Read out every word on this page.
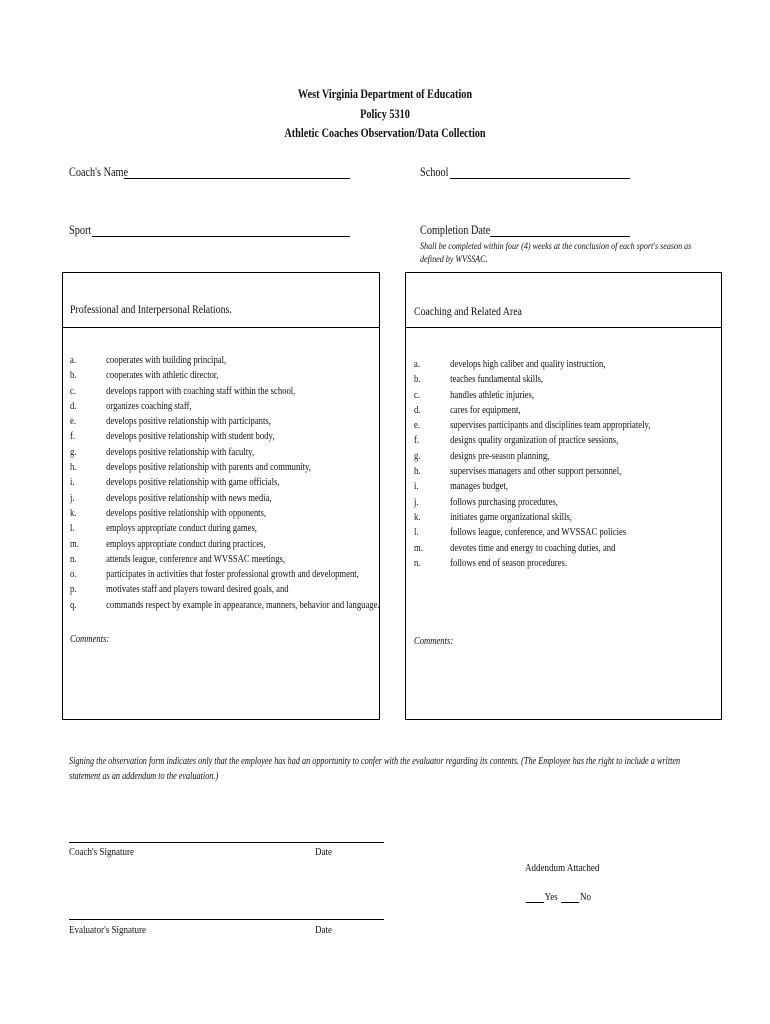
West Virginia Department of Education
Policy 5310
Athletic Coaches Observation/Data Collection
Coach's Name	School
Sport	Completion Date
Shall be completed within four (4) weeks at the conclusion of each sport's season as defined by WVSSAC.
Professional and Interpersonal Relations.
a.	cooperates with building principal,
b.	cooperates with athletic director,
c.	develops rapport with coaching staff within the school,
d.	organizes coaching staff,
e.	develops positive relationship with participants,
f.	develops positive relationship with student body,
g.	develops positive relationship with faculty,
h.	develops positive relationship with parents and community,
i.	develops positive relationship with game officials,
j.	develops positive relationship with news media,
k.	develops positive relationship with opponents,
l.	employs appropriate conduct during games,
m.	employs appropriate conduct during practices,
n.	attends league, conference and WVSSAC meetings,
o.	participates in activities that foster professional growth and development,
p.	motivates staff and players toward desired goals, and
q.	commands respect by example in appearance, manners, behavior and language.
Comments:
Coaching and Related Area
a.	develops high caliber and quality instruction,
b.	teaches fundamental skills,
c.	handles athletic injuries,
d.	cares for equipment,
e.	supervises participants and disciplines team appropriately,
f.	designs quality organization of practice sessions,
g.	designs pre-season planning,
h.	supervises managers and other support personnel,
i.	manages budget,
j.	follows purchasing procedures,
k.	initiates game organizational skills,
l.	follows league, conference, and WVSSAC policies
m.	devotes time and energy to coaching duties, and
n.	follows end of season procedures.
Comments:
Signing the observation form indicates only that the employee has had an opportunity to confer with the evaluator regarding its contents. (The Employee has the right to include a written statement as an addendum to the evaluation.)
Coach's Signature	Date
Addendum Attached
Yes No
Evaluator's Signature	Date
